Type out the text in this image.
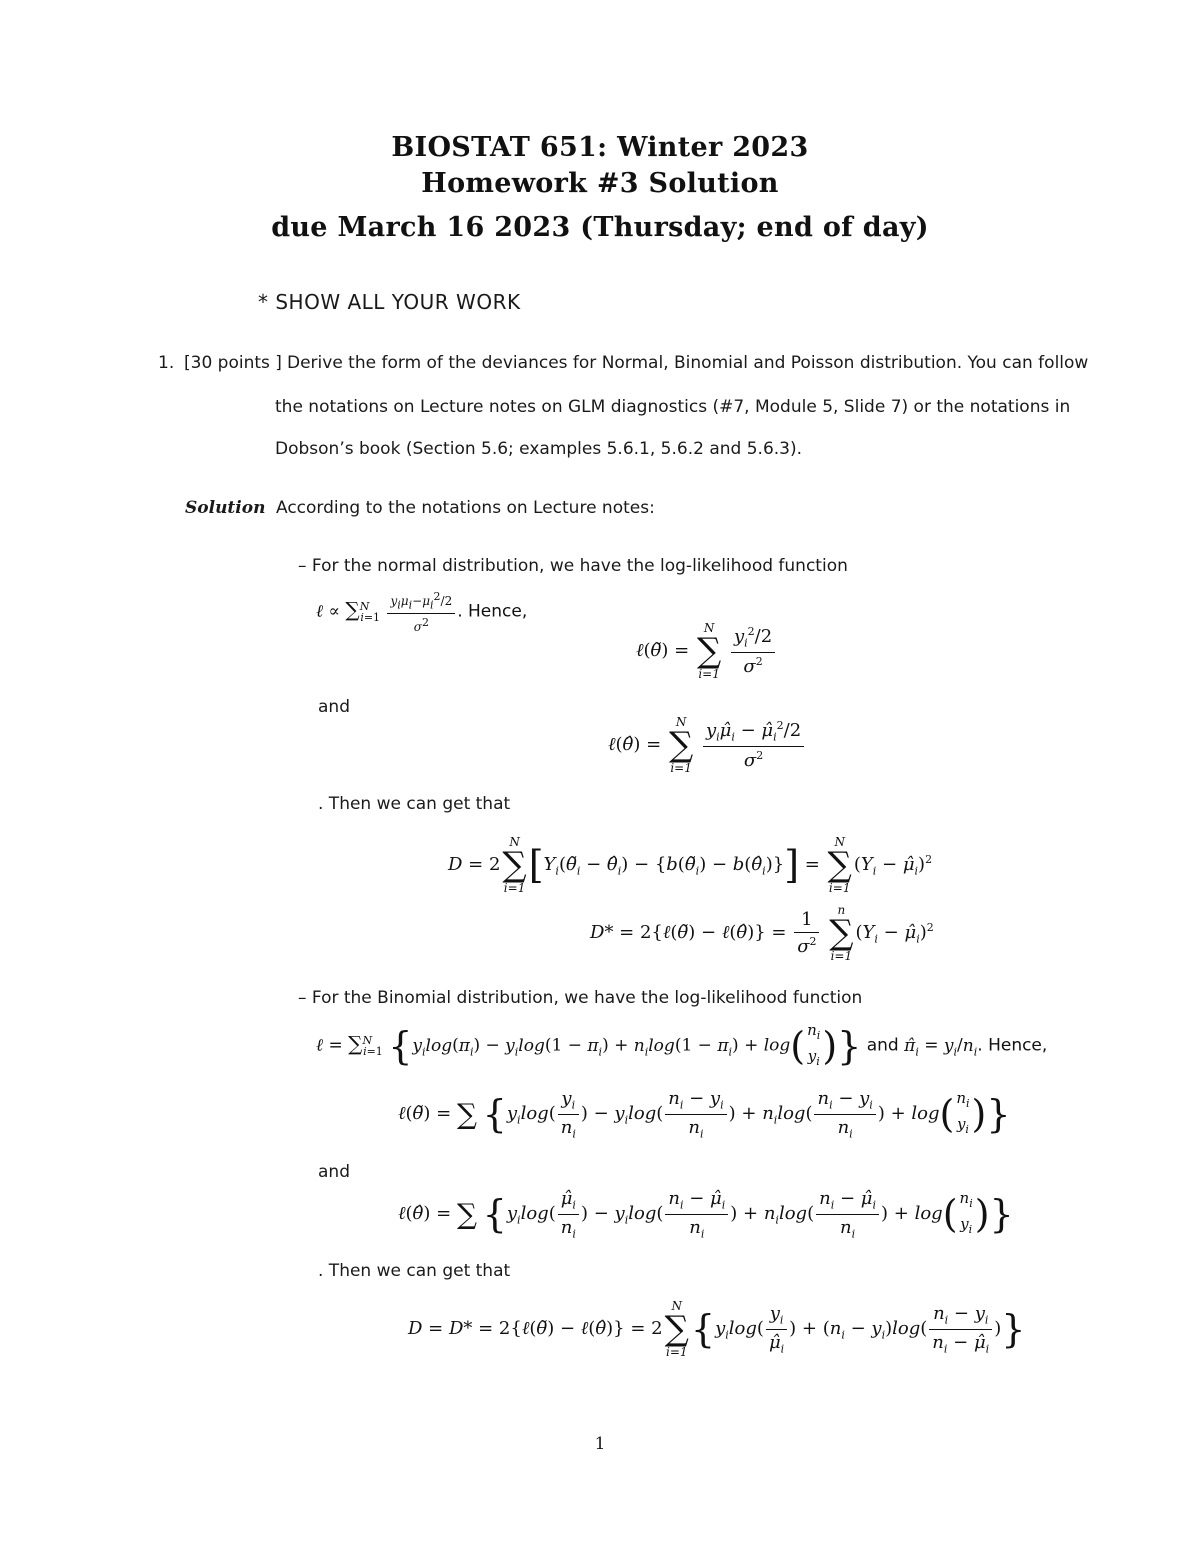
BIOSTAT 651: Winter 2023
Homework #3 Solution
due March 16 2023 (Thursday; end of day)
* SHOW ALL YOUR WORK
1. [30 points ] Derive the form of the deviances for Normal, Binomial and Poisson distribution. You can follow
the notations on Lecture notes on GLM diagnostics (#7, Module 5, Slide 7) or the notations in
Dobson’s book (Section 5.6; examples 5.6.1, 5.6.2 and 5.6.3).
Solution According to the notations on Lecture notes:
– For the normal distribution, we have the log-likelihood function
ℓ ∝ $\sum^N_{i=1} \frac{y_i\mu_i-\mu_i^2/2}{\sigma^2}$ . Hence,
ℓ(θ̃) =
N
∑
i=1
$\frac{y_i^2/2}{\sigma^2}$
and
ℓ(θ̂) =
N
∑
i=1
$\frac{y_i\mû_i - \mû_i^2/2}{\sigma^2}$
. Then we can get that
D = 2
N
∑
i=1
[$Y_i(\thetã_i$ − $\thetâ_i$) − {$b(\thetã_i)$ − $b(\thetâ_i)$}] =
N
∑
i=1
($Y_i$ − $\mû_i)^2$
D* = 2{ℓ(θ̃) − ℓ(θ̂)} = $\frac{1}{\sigma^2}$
	n
∑
i=1
($Y_i$ − $\mû_i)^2$
– For the Binomial distribution, we have the log-likelihood function
ℓ = ∑$^N_{i=1}$ {$y_i\log(\pi_i) - y_i\log(1 - \pi_i) + n_i\log(1 - \pi_i) + \log$( $n_i$
$y_i$ )} and $\pî_i = y_i/n_i$. Hence,
ℓ(θ̃) = ∑ {$y_i\log( \frac{y_i}{n_i}$ ) − $y_i\log( \frac{n_i - y_i}{n_i}$ ) + $n_i\log( \frac{n_i - y_i}{n_i}$ ) + log( $n_i$
$y_i$ )}
and
ℓ(θ̂) = ∑ {$y_i\log( \frac{\mû_i}{n_i}$ ) − $y_i\log( \frac{n_i - \mû_i}{n_i}$ ) + $n_i\log( \frac{n_i - \mû_i}{n_i}$ ) + log( $n_i$
$y_i$ )}
. Then we can get that
D = D* = 2{ℓ(θ̃) − ℓ(θ̂)} = 2
N
∑
i=1
{$y_i\log( \frac{y_i}{\mû_i}$ ) + $(n_i - y_i)\log( \frac{n_i - y_i}{n_i - \mû_i}$ )}
1
